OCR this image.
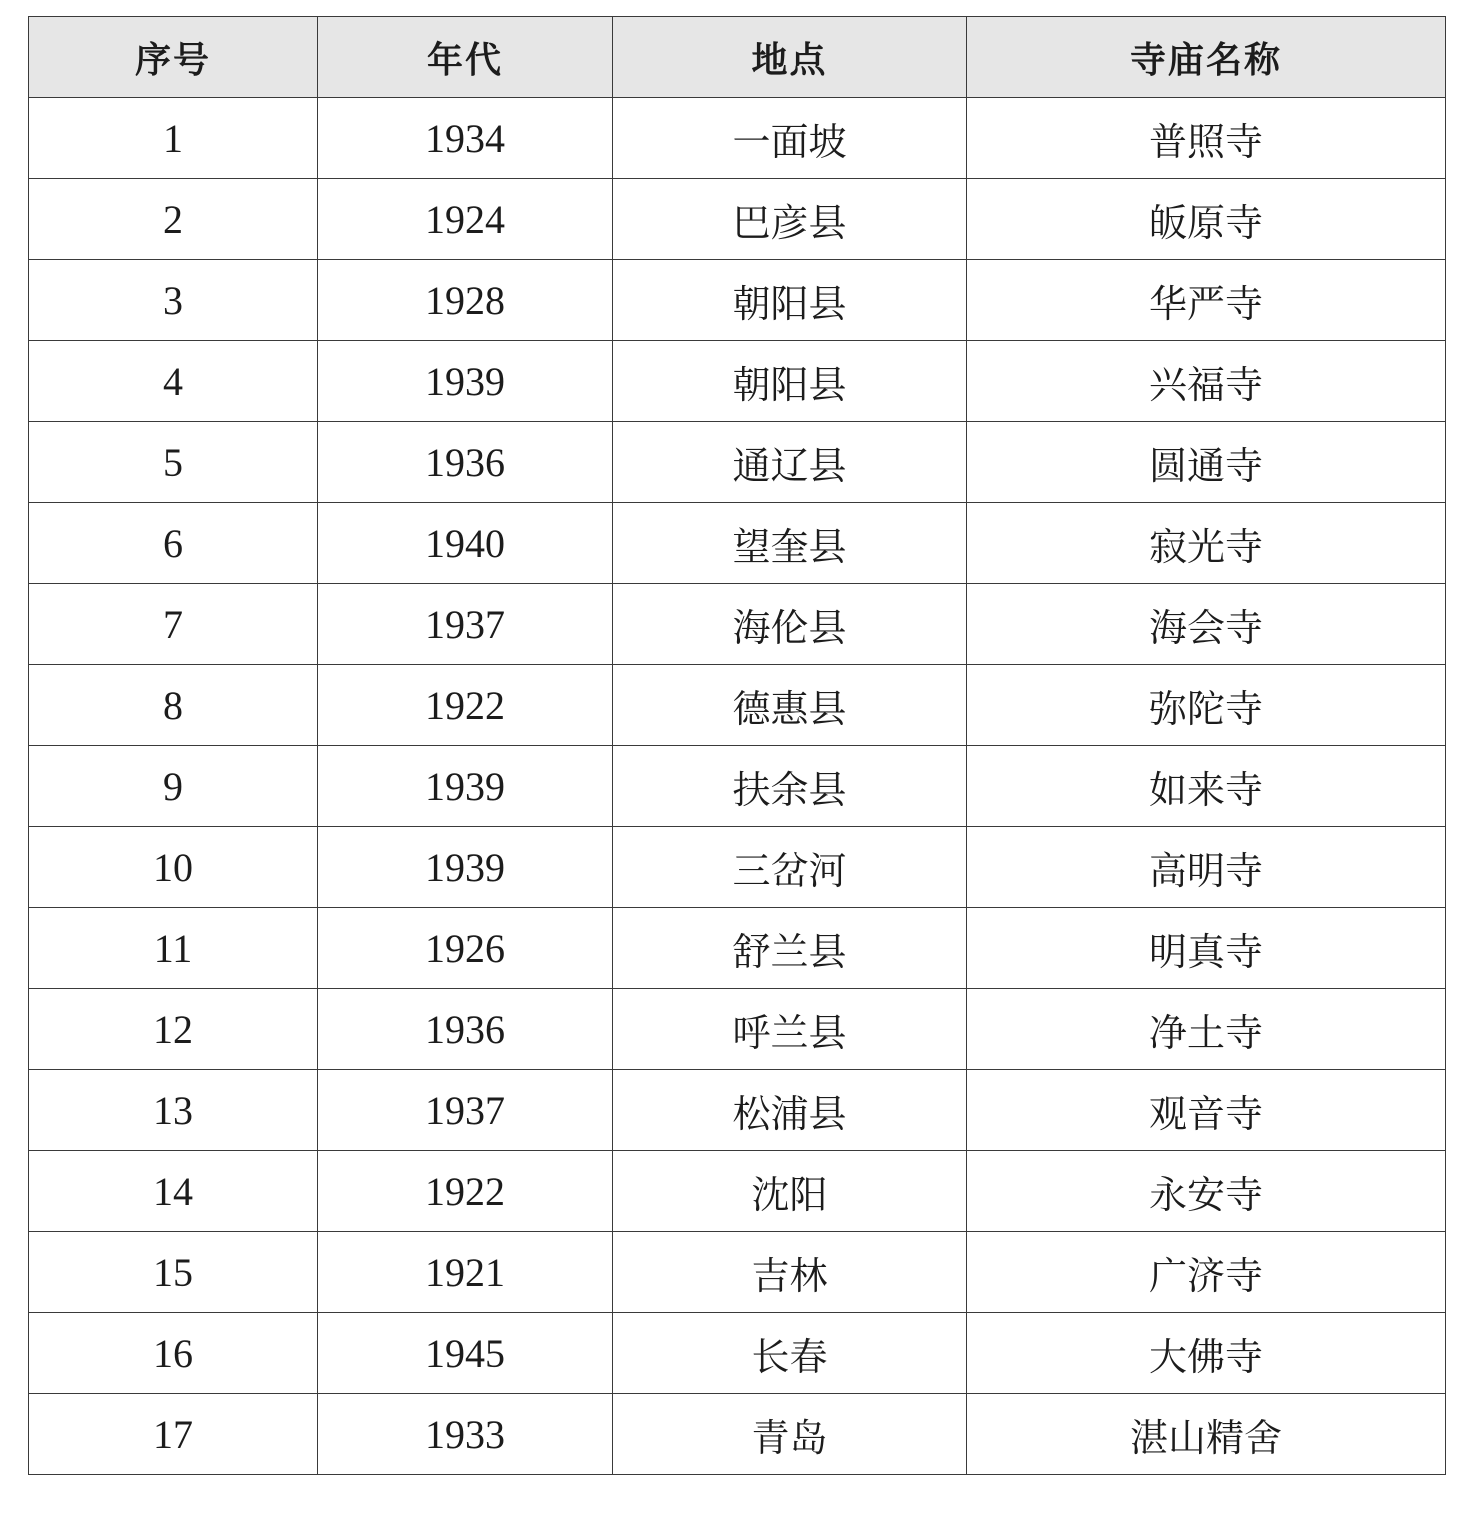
序号	年代	地点	寺庙名称
1	1934	一面坡	普照寺
2	1924	巴彦县	皈原寺
3	1928	朝阳县	华严寺
4	1939	朝阳县	兴福寺
5	1936	通辽县	圆通寺
6	1940	望奎县	寂光寺
7	1937	海伦县	海会寺
8	1922	德惠县	弥陀寺
9	1939	扶余县	如来寺
10	1939	三岔河	高明寺
11	1926	舒兰县	明真寺
12	1936	呼兰县	净土寺
13	1937	松浦县	观音寺
14	1922	沈阳	永安寺
15	1921	吉林	广济寺
16	1945	长春	大佛寺
17	1933	青岛	湛山精舍
